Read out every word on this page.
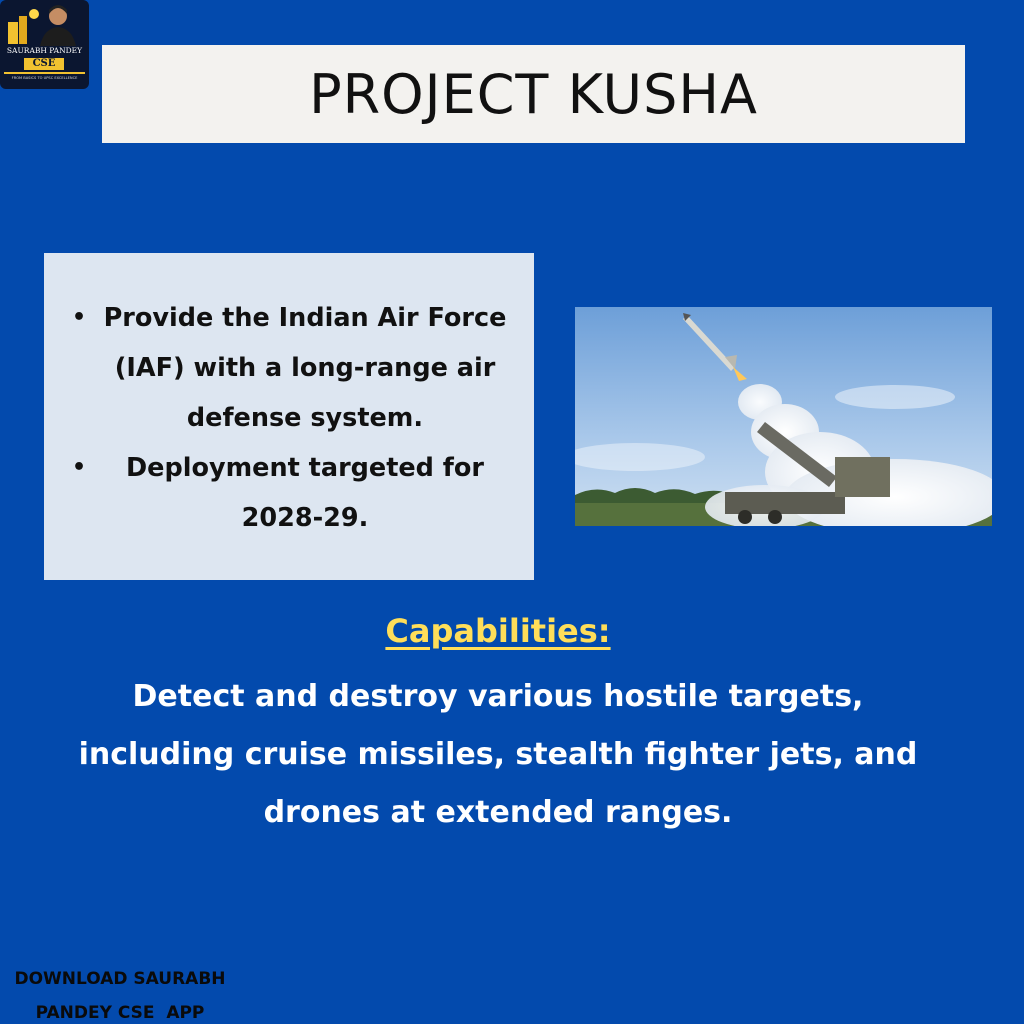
SAURABH PANDEY
CSE
FROM BASICS TO UPSC EXCELLENCE	PROJECT KUSHA
• Provide the Indian Air Force (IAF) with a long-range air defense system.
• Deployment targeted for 2028-29.
Capabilities:
Detect and destroy various hostile targets, including cruise missiles, stealth fighter jets, and drones at extended ranges.
DOWNLOAD SAURABH
PANDEY CSE  APP
